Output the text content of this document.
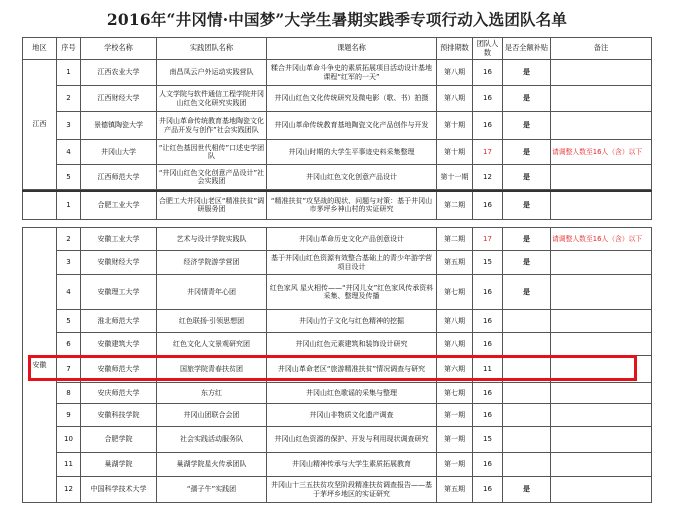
2016年“井冈情·中国梦”大学生暑期实践季专项行动入选团队名单
地区	序号	学校名称	实践团队名称	课题名称	预排期数	团队人数	是否全额补贴	备注
江西	1	江西农业大学	南昌凤云户外运动实践营队	糅合井冈山革命斗争史的素质拓展项目活动设计基地课程“红军的一天”	第八期	16	是	
	2	江西财经大学	人文学院与软件通信工程学院井冈山红色文化研究实践团	井冈山红色文化传统研究及微电影（歌、书）拍摄	第八期	16	是	
	3	景德镇陶瓷大学	井冈山革命传统教育基地陶瓷文化产品开发与创作”社会实践团队	井冈山革命传统教育基地陶瓷文化产品创作与开发	第十期	16	是	
	4	井冈山大学	“让红色基因世代相传”口述史学团队	井冈山时期的大学生平事迹史料采集整理	第十期	17	是	请调整人数至16人（含）以下
	5	江西师范大学	“井冈山红色文化创意产品设计”社会实践团	井冈山红色文化创意产品设计	第十一期	12	是	
	1	合肥工业大学	合肥工大井冈山老区“精准扶贫”调研服务团	“精准扶贫”攻坚战的现状、问题与对策：基于井冈山市茅坪乡神山村的实证研究	第二期	16	是	
安徽	2	安徽工业大学	艺术与设计学院实践队	井冈山革命历史文化产品创意设计	第二期	17	是	请调整人数至16人（含）以下
	3	安徽财经大学	经济学院游学营团	基于井冈山红色资源有效整合基础上的青少年游学营项目设计	第五期	15	是	
	4	安徽理工大学	井冈情青年心团	红色家风 星火相传——“井冈儿女”红色家风传承资料采集、整理及传播	第七期	16	是	
	5	淮北师范大学	红色联扬·引领思想团	井冈山竹子文化与红色精神的挖掘	第八期	16		
	6	安徽建筑大学	红色文化人文景观研究团	井冈山红色元素建筑和装饰设计研究	第八期	16		
	7	安徽师范大学	国旅学院青春扶贫团	井冈山革命老区“旅游精准扶贫”情况调查与研究	第六期	11		
	8	安庆师范大学	东方红	井冈山红色歌谣的采集与整理	第七期	16		
	9	安徽科技学院	井冈山团联合会团	井冈山非物质文化遗产调查	第一期	16		
	10	合肥学院	社会实践活动服务队	井冈山红色资源的保护、开发与利用现状调查研究	第一期	15		
	11	巢湖学院	巢湖学院星火传承团队	井冈山精神传承与大学生素质拓展教育	第一期	16		
	12	中国科学技术大学	“孺子牛”实践团	井冈山十三五扶贫攻坚阶段精准扶贫调查报告——基于茅坪乡地区的实证研究	第五期	16	是	
